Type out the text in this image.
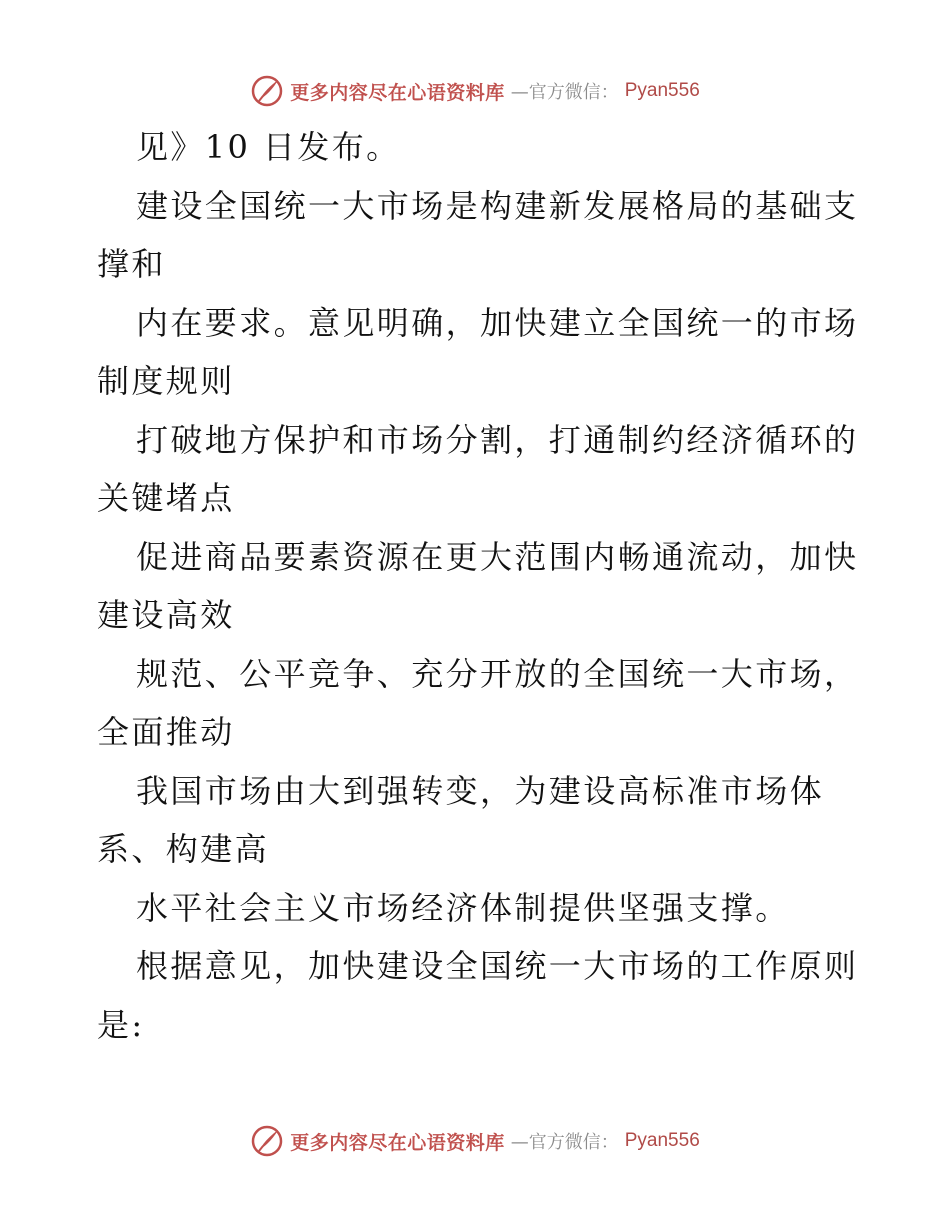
更多内容尽在心语资料库 —官方微信： Pyan556
见》10 日发布。
建设全国统一大市场是构建新发展格局的基础支
撑和
内在要求。意见明确，加快建立全国统一的市场
制度规则
打破地方保护和市场分割，打通制约经济循环的
关键堵点
促进商品要素资源在更大范围内畅通流动，加快
建设高效
规范、公平竞争、充分开放的全国统一大市场，
全面推动
我国市场由大到强转变，为建设高标准市场体
系、构建高
水平社会主义市场经济体制提供坚强支撑。
根据意见，加快建设全国统一大市场的工作原则
是:
更多内容尽在心语资料库 —官方微信： Pyan556
